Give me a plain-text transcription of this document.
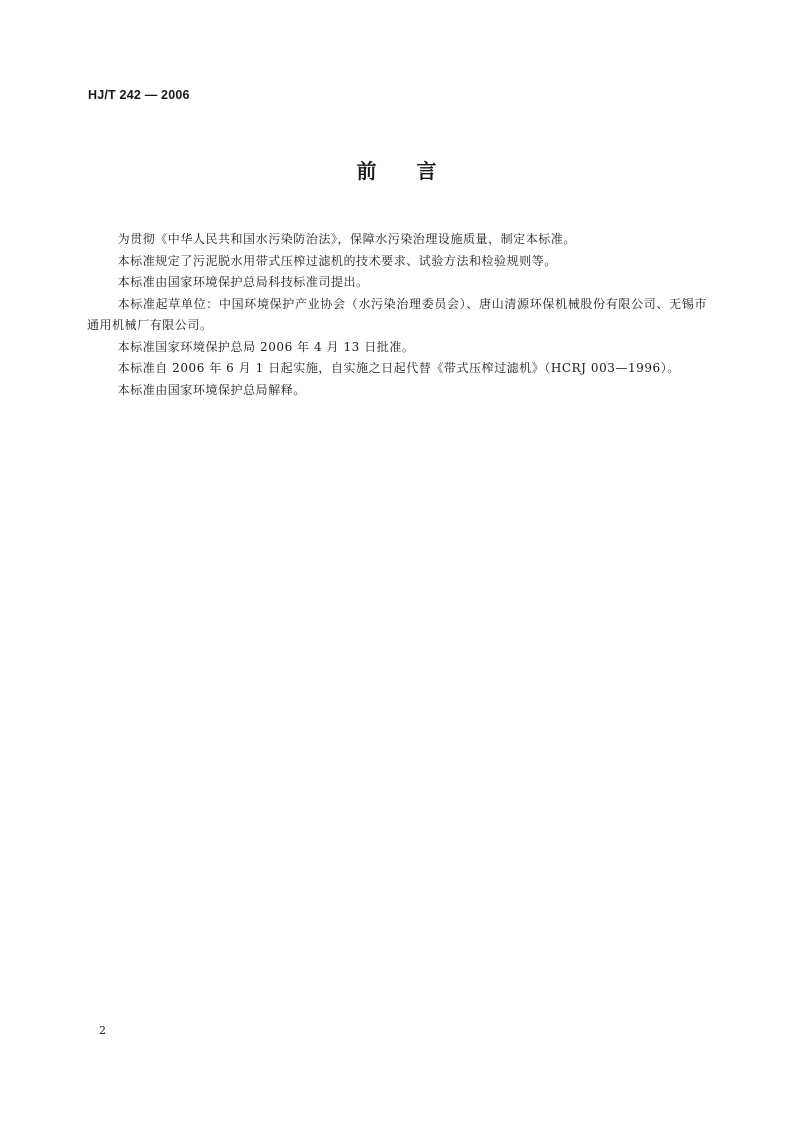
HJ/T 242 — 2006
前　　言

为贯彻《中华人民共和国水污染防治法》，保障水污染治理设施质量，制定本标准。

本标准规定了污泥脱水用带式压榨过滤机的技术要求、试验方法和检验规则等。

本标准由国家环境保护总局科技标准司提出。

本标准起草单位：中国环境保护产业协会（水污染治理委员会）、唐山清源环保机械股份有限公司、无锡市通用机械厂有限公司。

本标准国家环境保护总局 2006 年 4 月 13 日批准。

本标准自 2006 年 6 月 1 日起实施，自实施之日起代替《带式压榨过滤机》（HCRJ 003—1996）。

本标准由国家环境保护总局解释。

2
